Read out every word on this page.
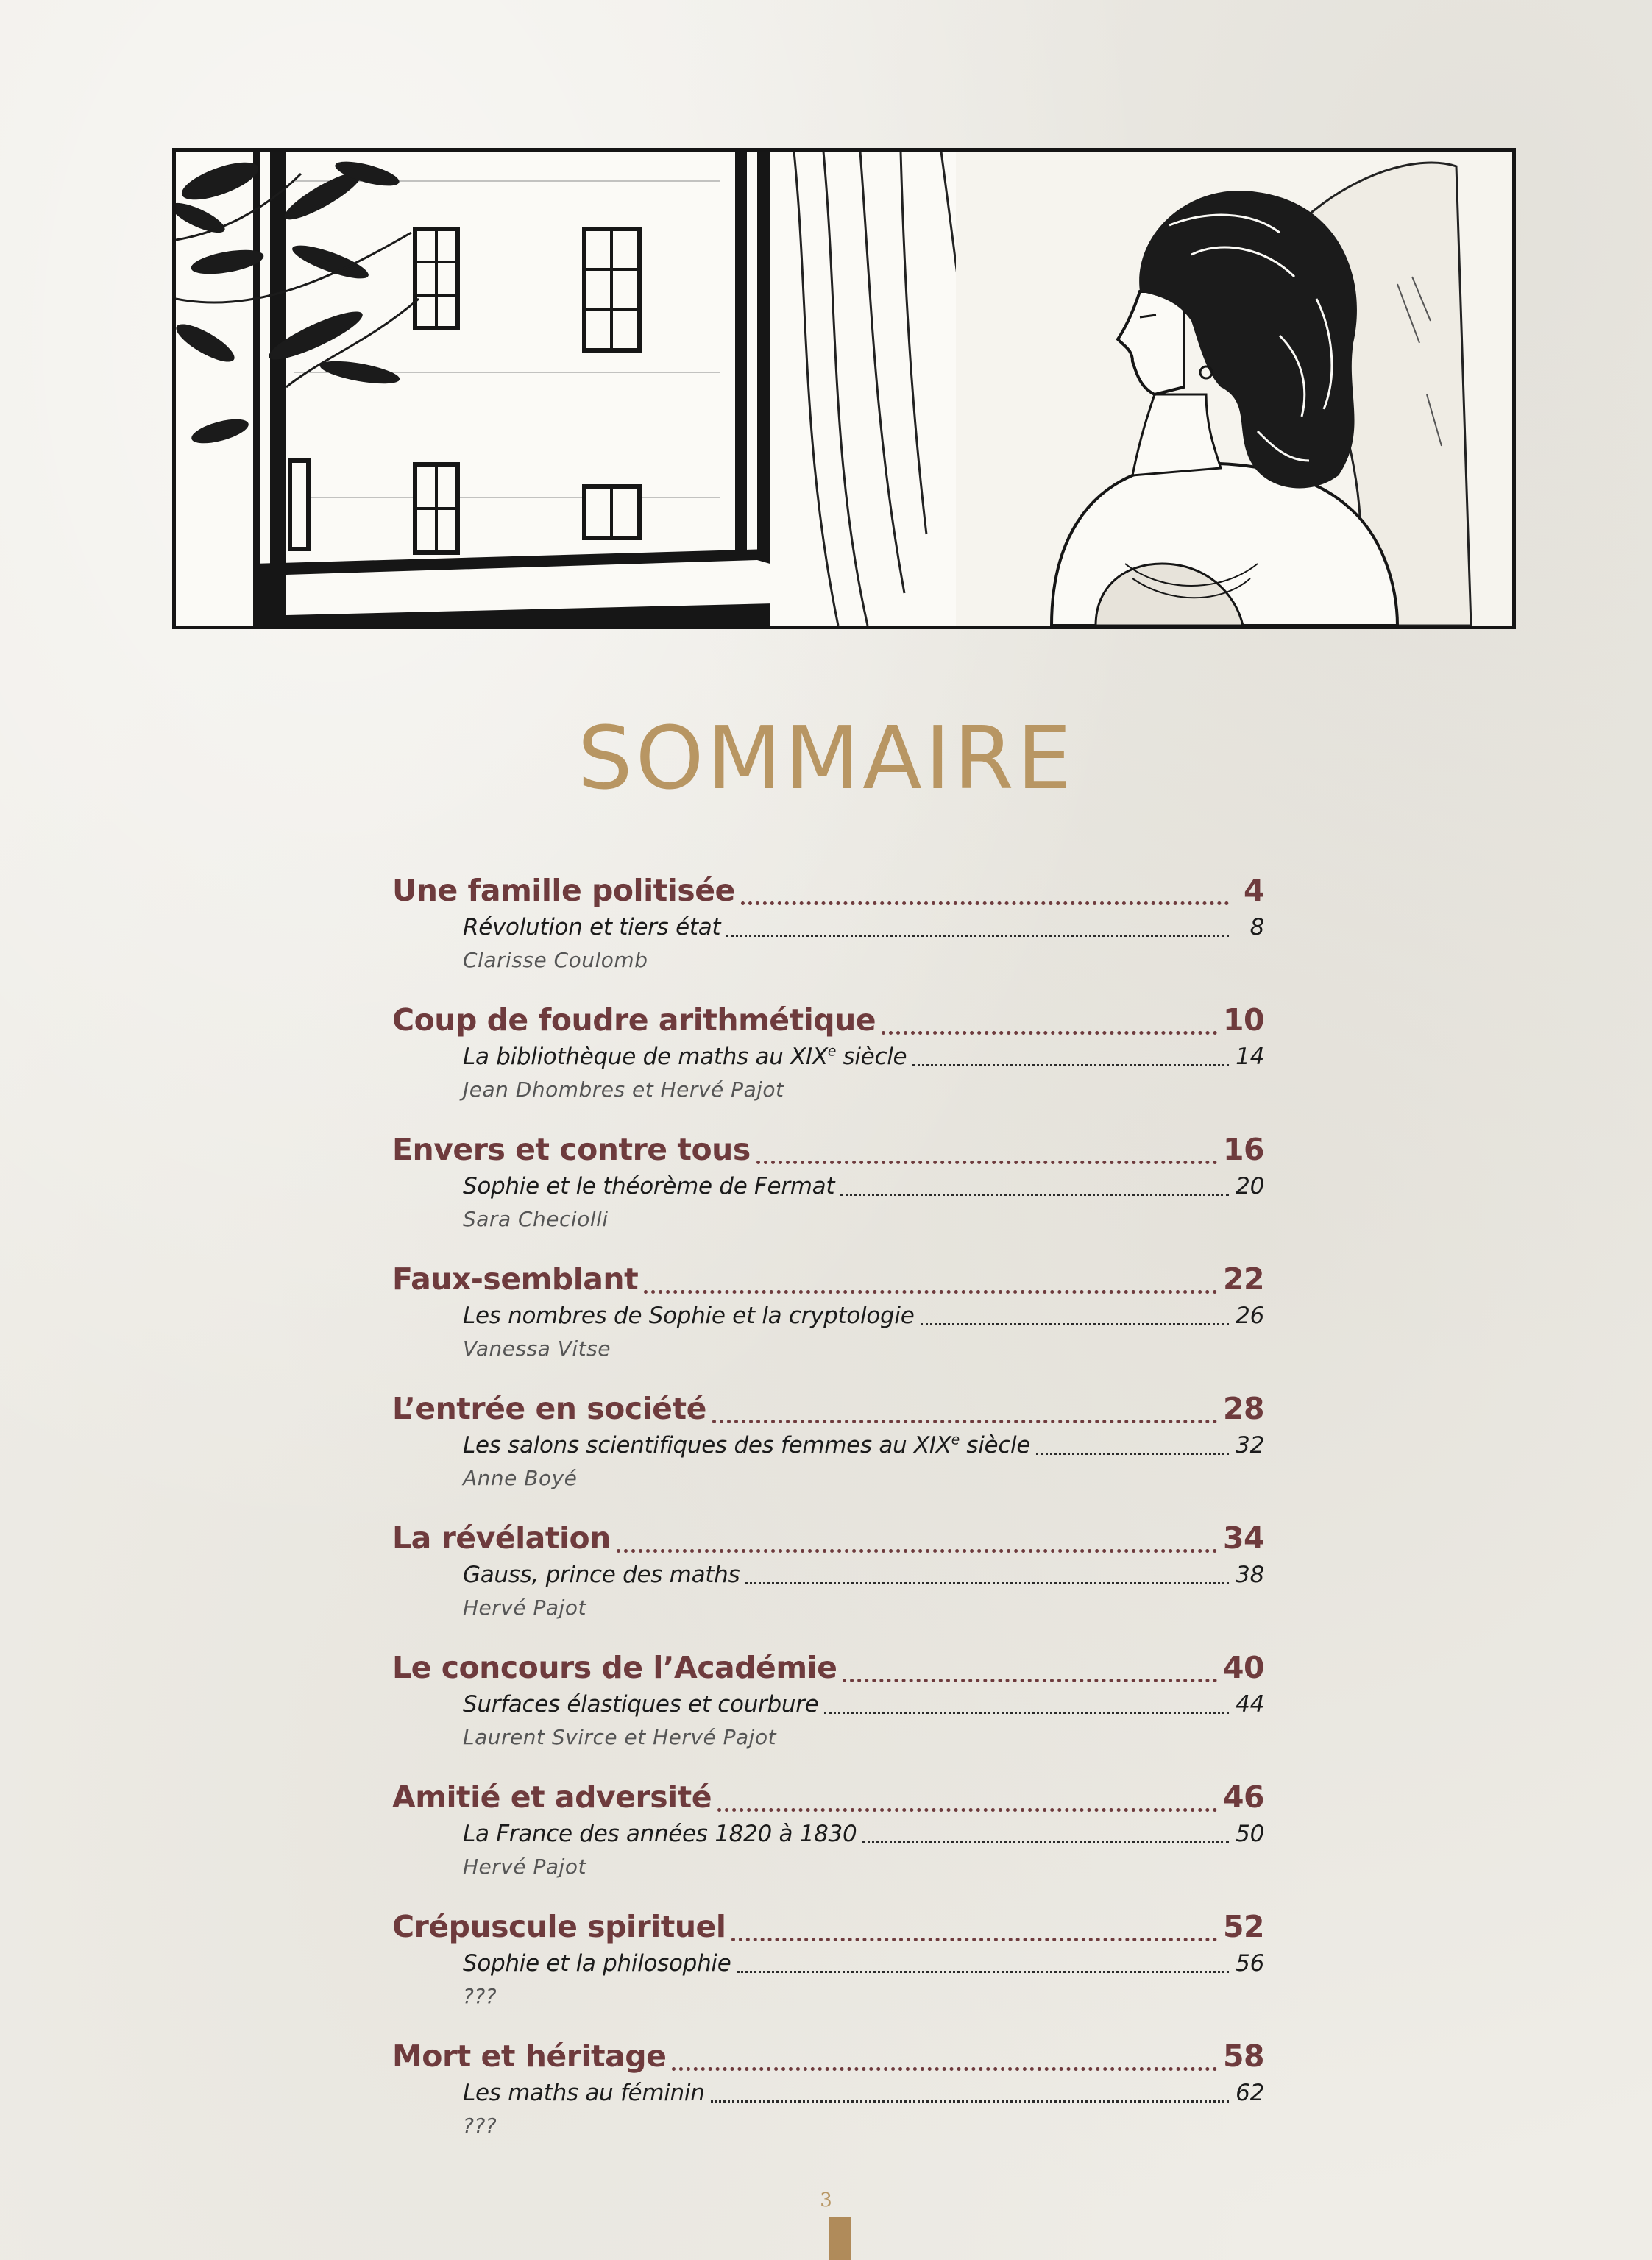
SOMMAIRE
Une famille politisée	4
Révolution et tiers état	8
Clarisse Coulomb
Coup de foudre arithmétique	10
La bibliothèque de maths au XIXe siècle	14
Jean Dhombres et Hervé Pajot
Envers et contre tous	16
Sophie et le théorème de Fermat	20
Sara Checiolli
Faux-semblant	22
Les nombres de Sophie et la cryptologie	26
Vanessa Vitse
L’entrée en société	28
Les salons scientifiques des femmes au XIXe siècle	32
Anne Boyé
La révélation	34
Gauss, prince des maths	38
Hervé Pajot
Le concours de l’Académie	40
Surfaces élastiques et courbure	44
Laurent Svirce et Hervé Pajot
Amitié et adversité	46
La France des années 1820 à 1830	50
Hervé Pajot
Crépuscule spirituel	52
Sophie et la philosophie	56
???
Mort et héritage	58
Les maths au féminin	62
???
3
